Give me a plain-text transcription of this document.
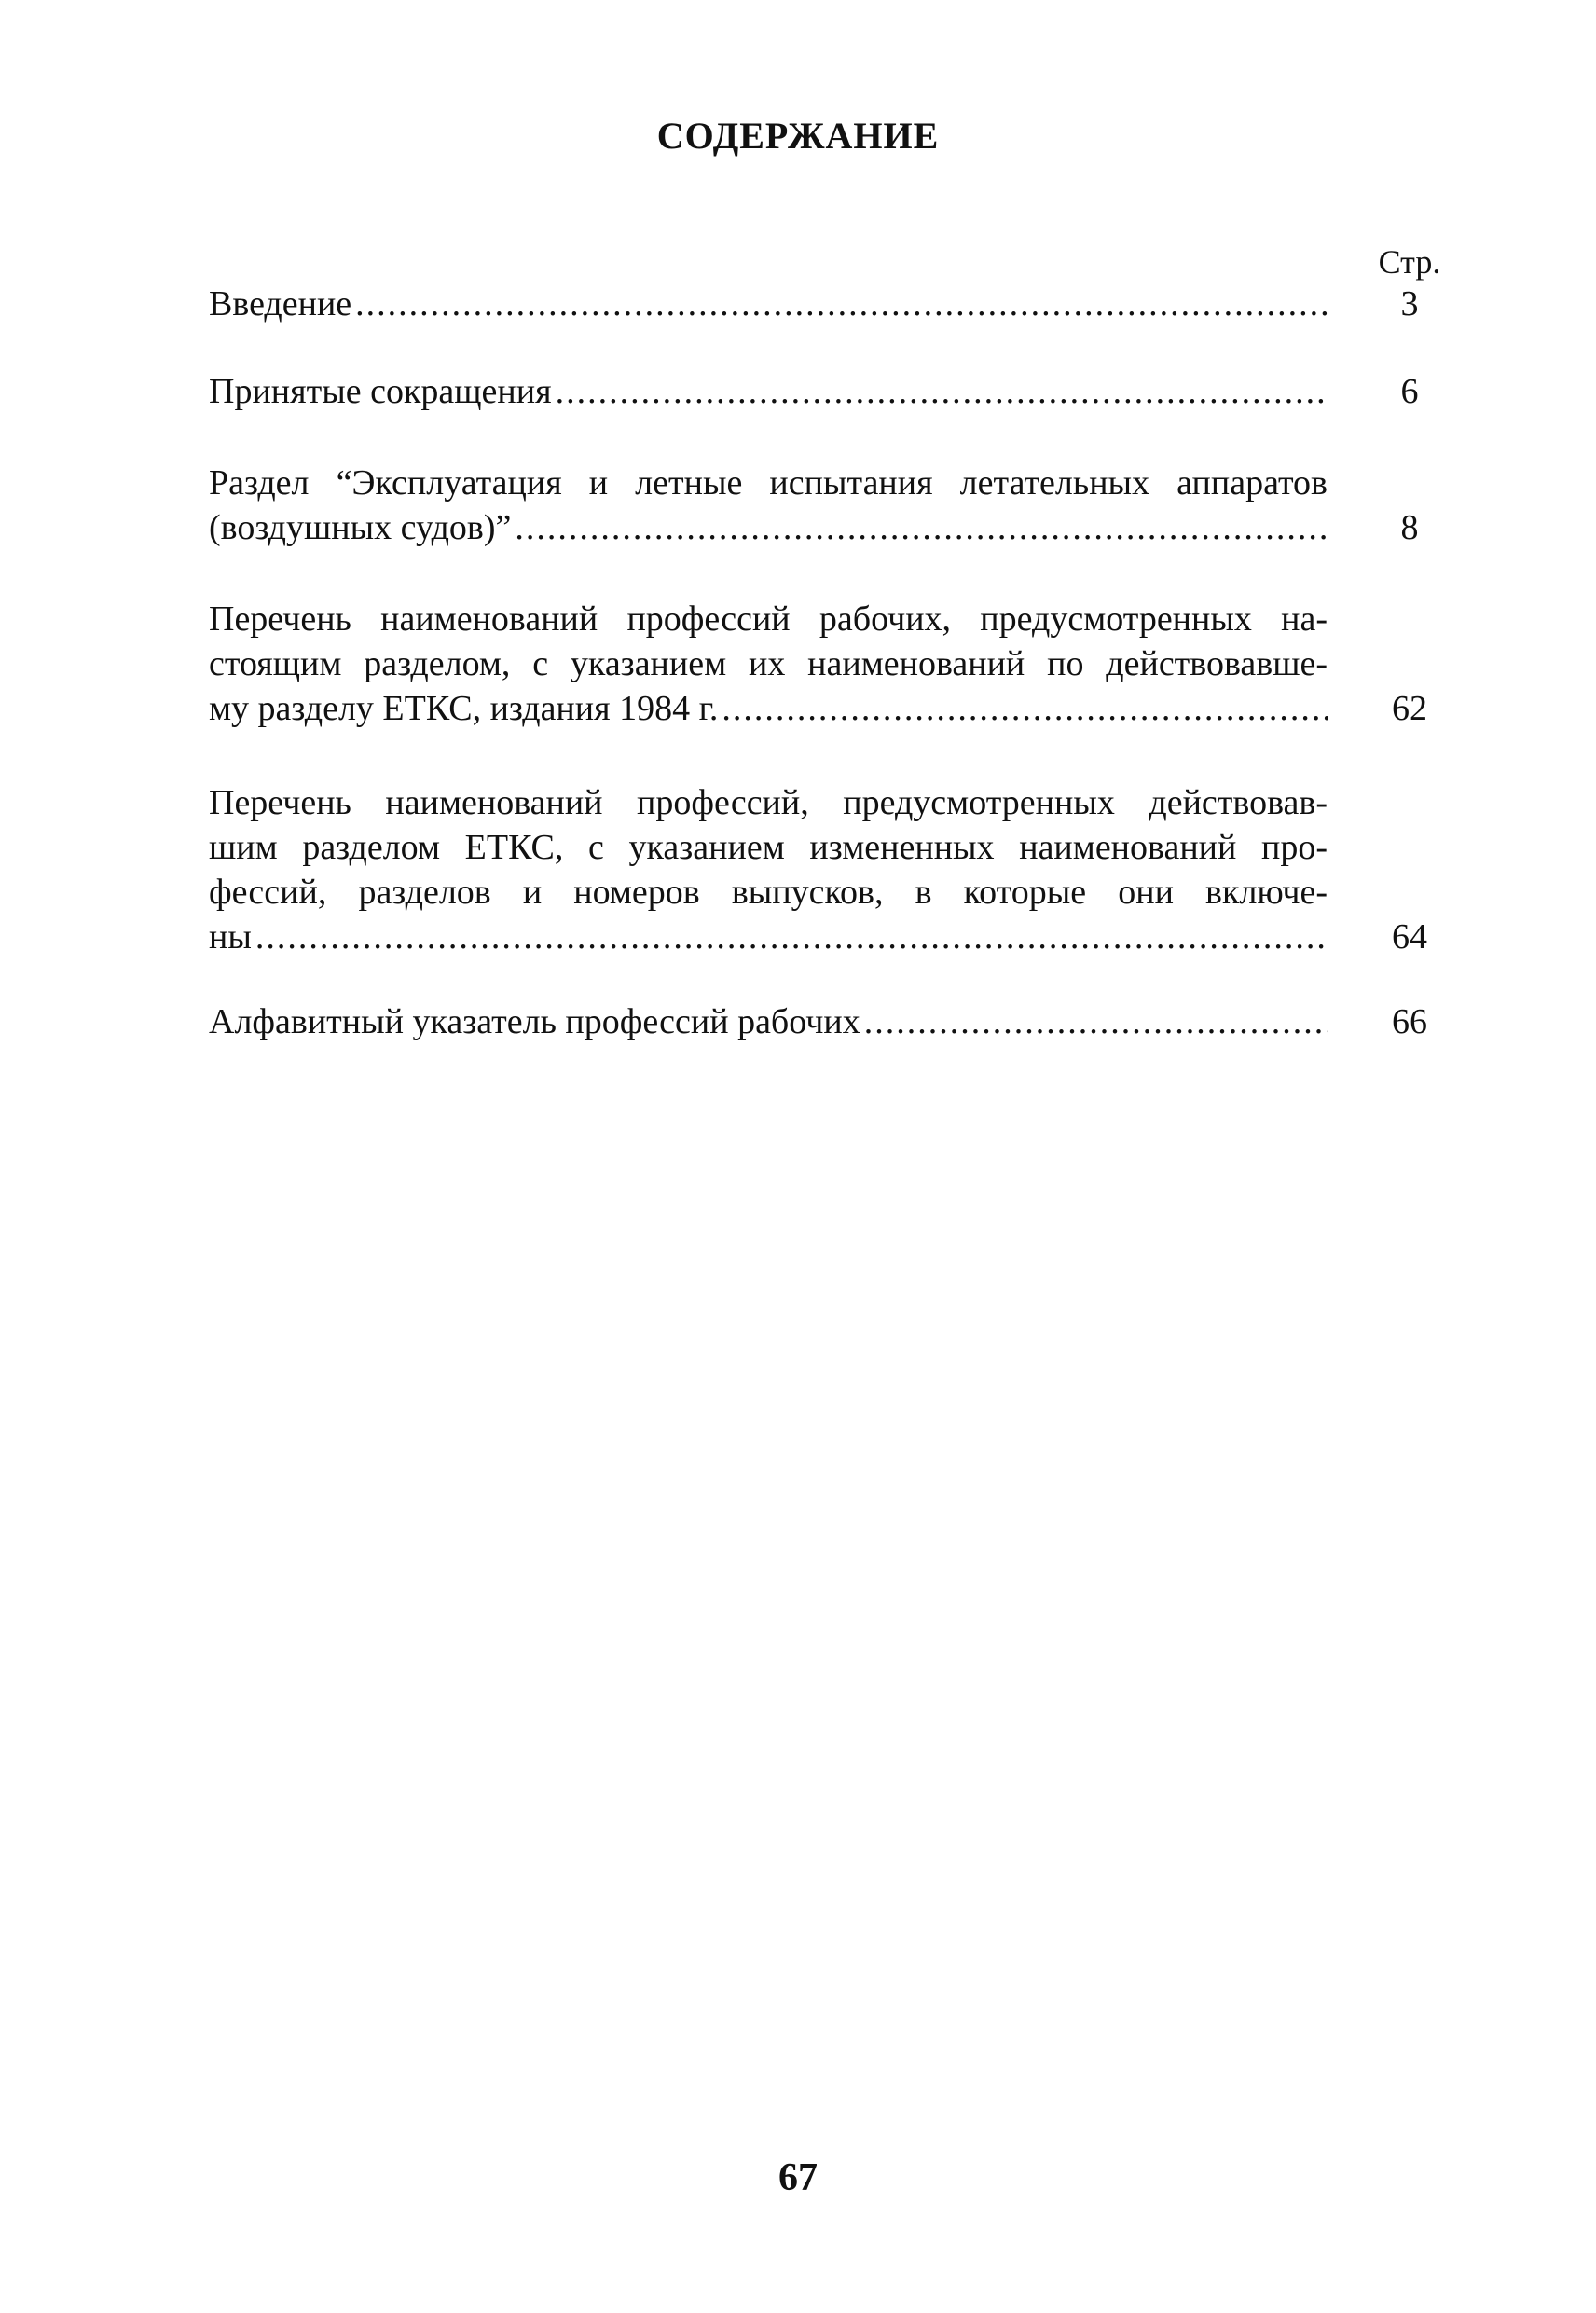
СОДЕРЖАНИЕ
Стр.
Введение .....	3
Принятые сокращения .....	6
Раздел “Эксплуатация и летные испытания летательных аппаратов
(воздушных судов)” .....	8
Перечень наименований профессий рабочих, предусмотренных на-
стоящим разделом, с указанием их наименований по действовавше-
му разделу ЕТКС, издания 1984 г. .....	62
Перечень наименований профессий, предусмотренных действовав-
шим разделом ЕТКС, с указанием измененных наименований про-
фессий, разделов и номеров выпусков, в которые они включе-
ны .....	64
Алфавитный указатель профессий рабочих .....	66
67
